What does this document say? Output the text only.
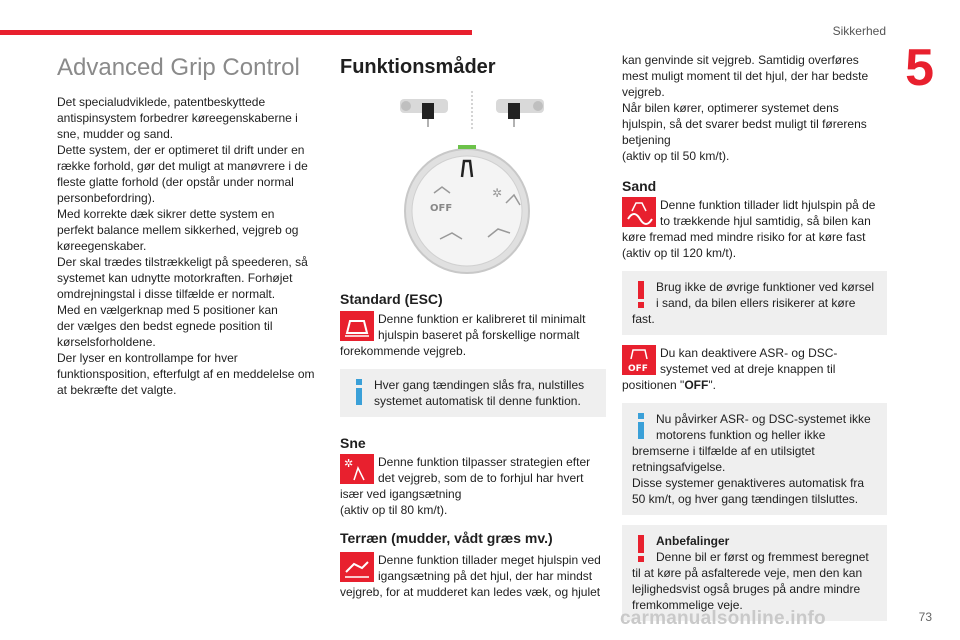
Sikkerhed
5
Advanced Grip Control

Det specialudviklede, patentbeskyttede

antispinsystem forbedrer køreegenskaberne i

sne, mudder og sand.

Dette system, der er optimeret til drift under en

række forhold, gør det muligt at manøvrere i de

fleste glatte forhold (der opstår under normal

personbefordring).

Med korrekte dæk sikrer dette system en

perfekt balance mellem sikkerhed, vejgreb og

køreegenskaber.

Der skal trædes tilstrækkeligt på speederen, så

systemet kan udnytte motorkraften. Forhøjet

omdrejningstal i disse tilfælde er normalt.

Med en vælgerknap med 5 positioner kan

der vælges den bedst egnede position til

kørselsforholdene.

Der lyser en kontrollampe for hver

funktionsposition, efterfulgt af en meddelelse om

at bekræfte det valgte.

Funktionsmåder
OFF
✲
Standard (ESC)

Denne funktion er kalibreret til minimalt

hjulspin baseret på forskellige normalt

forekommende vejgreb.

Hver gang tændingen slås fra, nulstilles

systemet automatisk til denne funktion.

Sne
✲	Denne funktion tilpasser strategien efter

det vejgreb, som de to forhjul har hvert

især ved igangsætning

(aktiv op til 80 km/t).

Terræn (mudder, vådt græs mv.)

Denne funktion tillader meget hjulspin ved

igangsætning på det hjul, der har mindst

vejgreb, for at mudderet kan ledes væk, og hjulet

kan genvinde sit vejgreb. Samtidig overføres

mest muligt moment til det hjul, der har bedste

vejgreb.

Når bilen kører, optimerer systemet dens

hjulspin, så det svarer bedst muligt til førerens

betjening

(aktiv op til 50 km/t).

Sand

Denne funktion tillader lidt hjulspin på de

to trækkende hjul samtidig, så bilen kan

køre fremad med mindre risiko for at køre fast

(aktiv op til 120 km/t).

Brug ikke de øvrige funktioner ved kørsel

i sand, da bilen ellers risikerer at køre

fast.

OFF

Du kan deaktivere ASR- og DSC-

systemet ved at dreje knappen til

positionen "OFF".

Nu påvirker ASR- og DSC-systemet ikke

motorens funktion og heller ikke

bremserne i tilfælde af en utilsigtet

retningsafvigelse.

Disse systemer genaktiveres automatisk fra

50 km/t, og hver gang tændingen tilsluttes.

Anbefalinger

Denne bil er først og fremmest beregnet

til at køre på asfalterede veje, men den kan

lejlighedsvist også bruges på andre mindre

fremkommelige veje.

carmanualsonline.info	73
